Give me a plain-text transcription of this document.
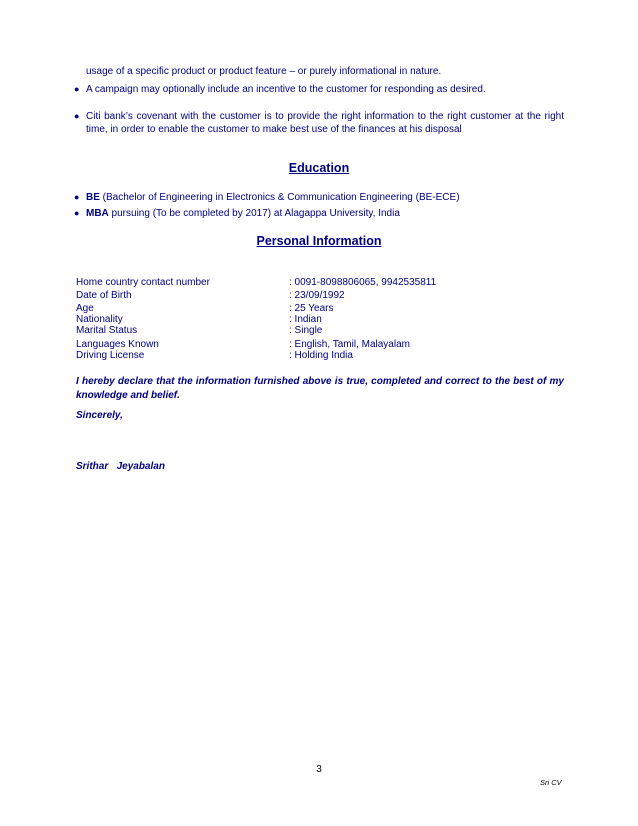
usage of a specific product or product feature – or purely informational in nature.
● A campaign may optionally include an incentive to the customer for responding as desired.
● Citi bank’s covenant with the customer is to provide the right information to the right customer at the right time, in order to enable the customer to make best use of the finances at his disposal
Education
● BE (Bachelor of Engineering in Electronics & Communication Engineering (BE-ECE)
● MBA pursuing (To be completed by 2017) at Alagappa University, India
Personal Information
Home country contact number	: 0091-8098806065, 9942535811
Date of Birth	: 23/09/1992
Age	: 25 Years
Nationality	: Indian
Marital Status	: Single
Languages Known	: English, Tamil, Malayalam
Driving License	: Holding India
I hereby declare that the information furnished above is true, completed and correct to the best of my knowledge and belief.
Sincerely,
Srithar   Jeyabalan
3
Sri CV
